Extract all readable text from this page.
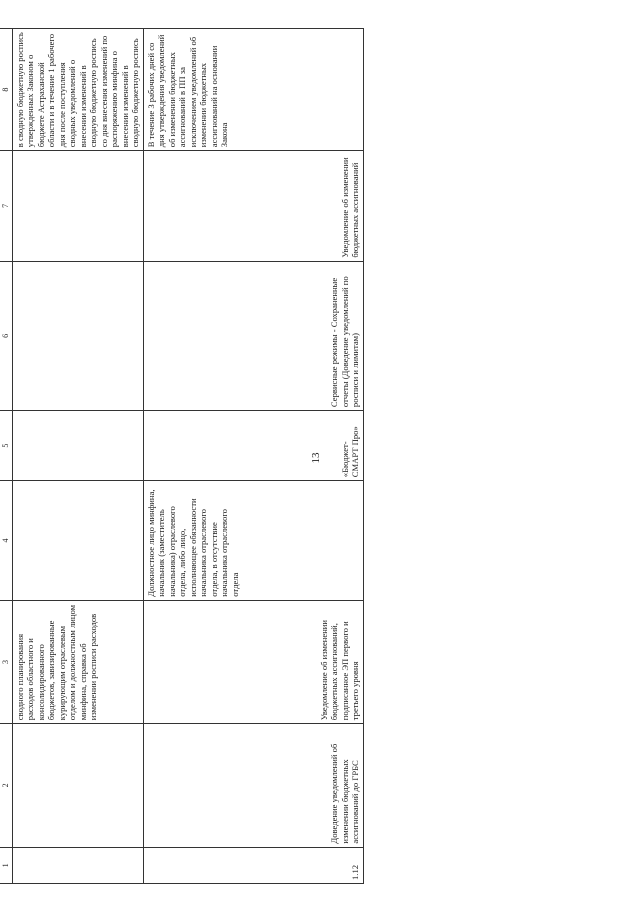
13

1	2	3	4	5	6	7	8
		сводного планирования расходов областного и консолидированного бюджетов, завизированные курирующим отраслевым отделом и должностным лицом минфина, справка об изменении росписи расходов					в сводную бюджетную роспись утвержденных Законом о бюджете Астраханской области и в течение 1 рабочего дня после поступления сводных уведомлений о внесении изменений в сводную бюджетную роспись со дня внесения изменений по распоряжению минфина о внесении изменений в сводную бюджетную роспись
1.12	Доведение уведомлений об изменении бюджетных ассигнований до ГРБС	Уведомление об изменении бюджетных ассигнований, подписанное ЭП первого и третьего уровня	Должностное лицо минфина, начальник (заместитель начальника) отраслевого отдела, либо лицо, исполняющее обязанности начальника отраслевого отдела, в отсутствие начальника отраслевого отдела	«Бюджет-СМАРТ Про»	Сервисные режимы - Сохраненные отчеты (Доведение уведомлений по росписи и лимитам)	Уведомление об изменении бюджетных ассигнований	В течение 3 рабочих дней со дня утверждения уведомлений об изменении бюджетных ассигнований в ПП за исключением уведомлений об изменении бюджетных ассигнований на основании Закона
